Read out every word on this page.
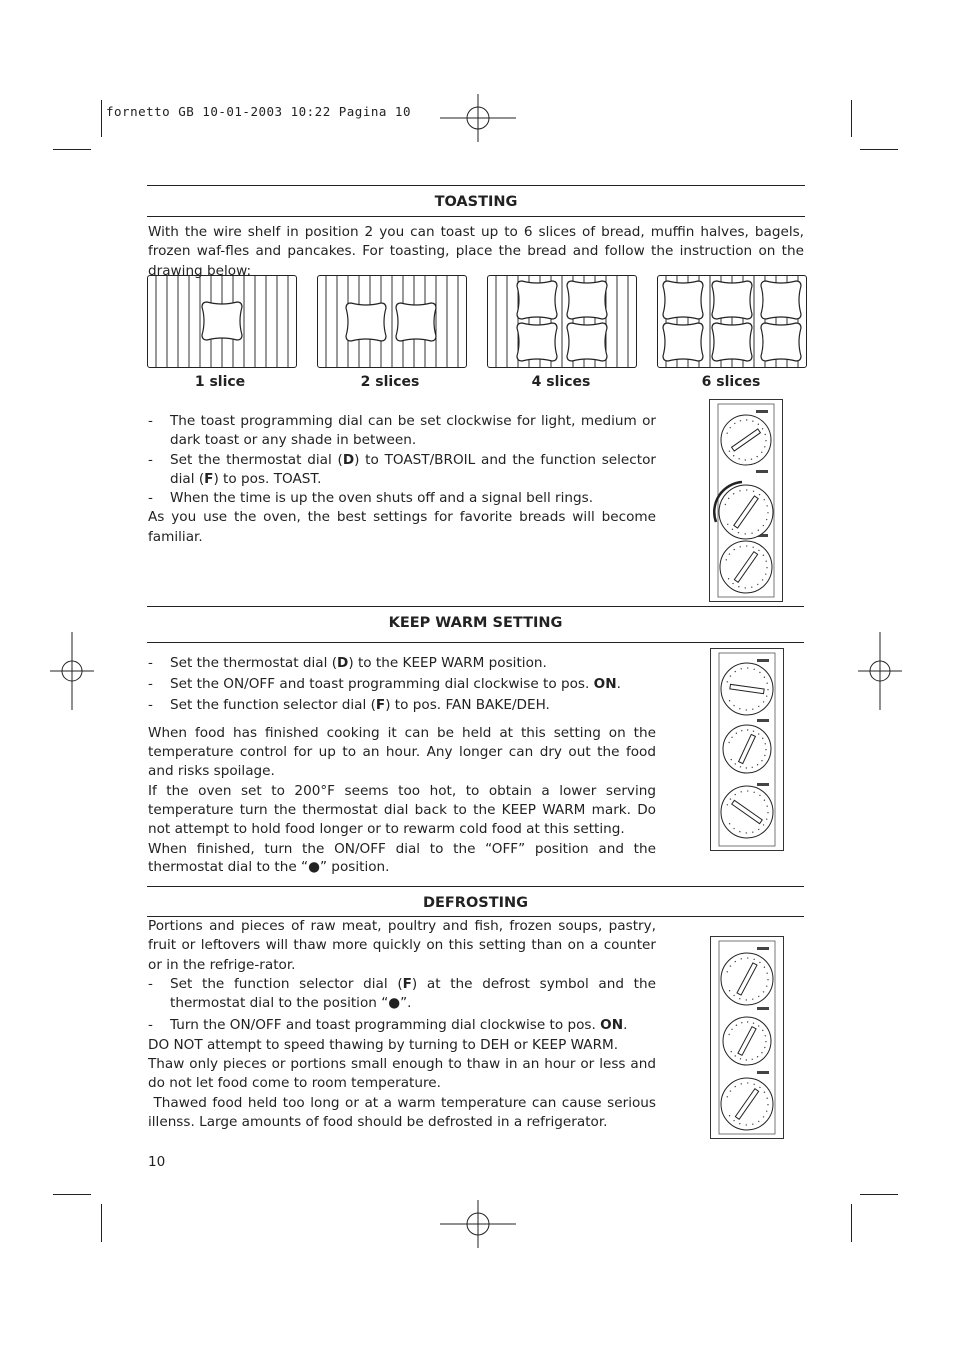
fornetto GB 10-01-2003 10:22 Pagina 10
TOASTING
With the wire shelf in position 2 you can toast up to 6 slices of bread, muffin halves, bagels, frozen waf-fles and pancakes. For toasting, place the bread and follow the instruction on the drawing below:
1 slice	2 slices	4 slices	6 slices
- The toast programming dial can be set clockwise for light, medium or dark toast or any shade in between.
- Set the thermostat dial (D) to TOAST/BROIL and the function selector dial (F) to pos. TOAST.
- When the time is up the oven shuts off and a signal bell rings.

As you use the oven, the best settings for favorite breads will become familiar.

KEEP WARM SETTING
- Set the thermostat dial (D) to the KEEP WARM position.
- Set the ON/OFF and toast programming dial clockwise to pos. ON.
- Set the function selector dial (F) to pos. FAN BAKE/DEH.

When food has finished cooking it can be held at this setting on the temperature control for up to an hour. Any longer can dry out the food and risks spoilage.

If the oven set to 200°F seems too hot, to obtain a lower serving temperature turn the thermostat dial back to the KEEP WARM mark. Do not attempt to hold food longer or to rewarm cold food at this setting.

When finished, turn the ON/OFF dial to the “OFF” position and the thermostat dial to the “●” position.

DEFROSTING

Portions and pieces of raw meat, poultry and fish, frozen soups, pastry, fruit or leftovers will thaw more quickly on this setting than on a counter or in the refrige-rator.

- Set the function selector dial (F) at the defrost symbol and the thermostat dial to the position “●”.
- Turn the ON/OFF and toast programming dial clockwise to pos. ON.

DO NOT attempt to speed thawing by turning to DEH or KEEP WARM.

Thaw only pieces or portions small enough to thaw in an hour or less and do not let food come to room temperature.

Thawed food held too long or at a warm temperature can cause serious illenss. Large amounts of food should be defrosted in a refrigerator.

10
